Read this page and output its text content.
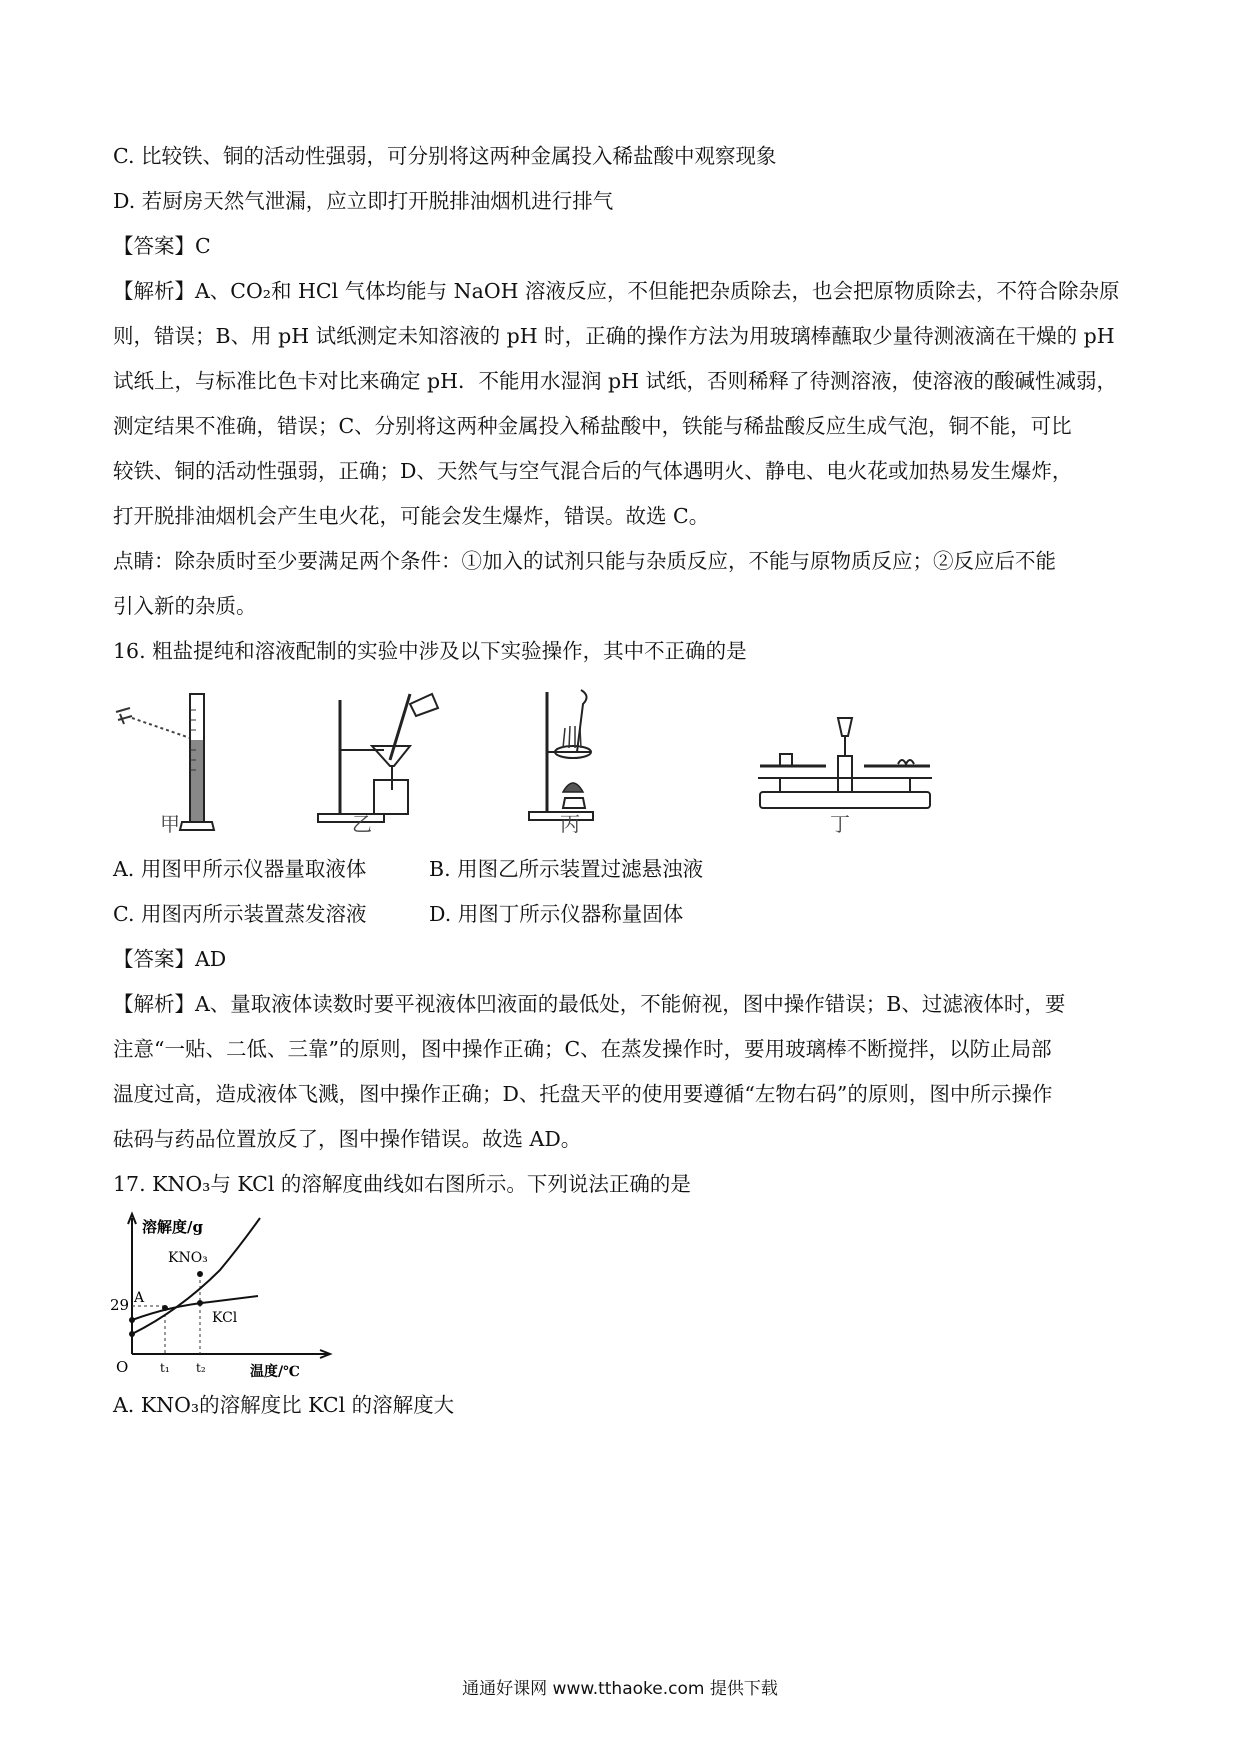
C. 比较铁、铜的活动性强弱，可分别将这两种金属投入稀盐酸中观察现象
D. 若厨房天然气泄漏，应立即打开脱排油烟机进行排气
【答案】C
【解析】A、CO₂和 HCl 气体均能与 NaOH 溶液反应，不但能把杂质除去，也会把原物质除去，不符合除杂原
则，错误；B、用 pH 试纸测定未知溶液的 pH 时，正确的操作方法为用玻璃棒蘸取少量待测液滴在干燥的 pH
试纸上，与标准比色卡对比来确定 pH．不能用水湿润 pH 试纸，否则稀释了待测溶液，使溶液的酸碱性减弱，
测定结果不准确，错误；C、分别将这两种金属投入稀盐酸中，铁能与稀盐酸反应生成气泡，铜不能，可比
较铁、铜的活动性强弱，正确；D、天然气与空气混合后的气体遇明火、静电、电火花或加热易发生爆炸，
打开脱排油烟机会产生电火花，可能会发生爆炸，错误。故选 C。
点睛：除杂质时至少要满足两个条件：①加入的试剂只能与杂质反应，不能与原物质反应；②反应后不能
引入新的杂质。
16. 粗盐提纯和溶液配制的实验中涉及以下实验操作，其中不正确的是
甲	乙	丙	丁
A. 用图甲所示仪器量取液体	B. 用图乙所示装置过滤悬浊液
C. 用图丙所示装置蒸发溶液	D. 用图丁所示仪器称量固体
【答案】AD
【解析】A、量取液体读数时要平视液体凹液面的最低处，不能俯视，图中操作错误；B、过滤液体时，要
注意“一贴、二低、三靠”的原则，图中操作正确；C、在蒸发操作时，要用玻璃棒不断搅拌，以防止局部
温度过高，造成液体飞溅，图中操作正确；D、托盘天平的使用要遵循“左物右码”的原则，图中所示操作
砝码与药品位置放反了，图中操作错误。故选 AD。
17. KNO₃与 KCl 的溶解度曲线如右图所示。下列说法正确的是
溶解度/g
温度/℃
O
29 A
t₁ t₂
KNO₃
KCl
A. KNO₃的溶解度比 KCl 的溶解度大
通通好课网 www.tthaoke.com 提供下载
